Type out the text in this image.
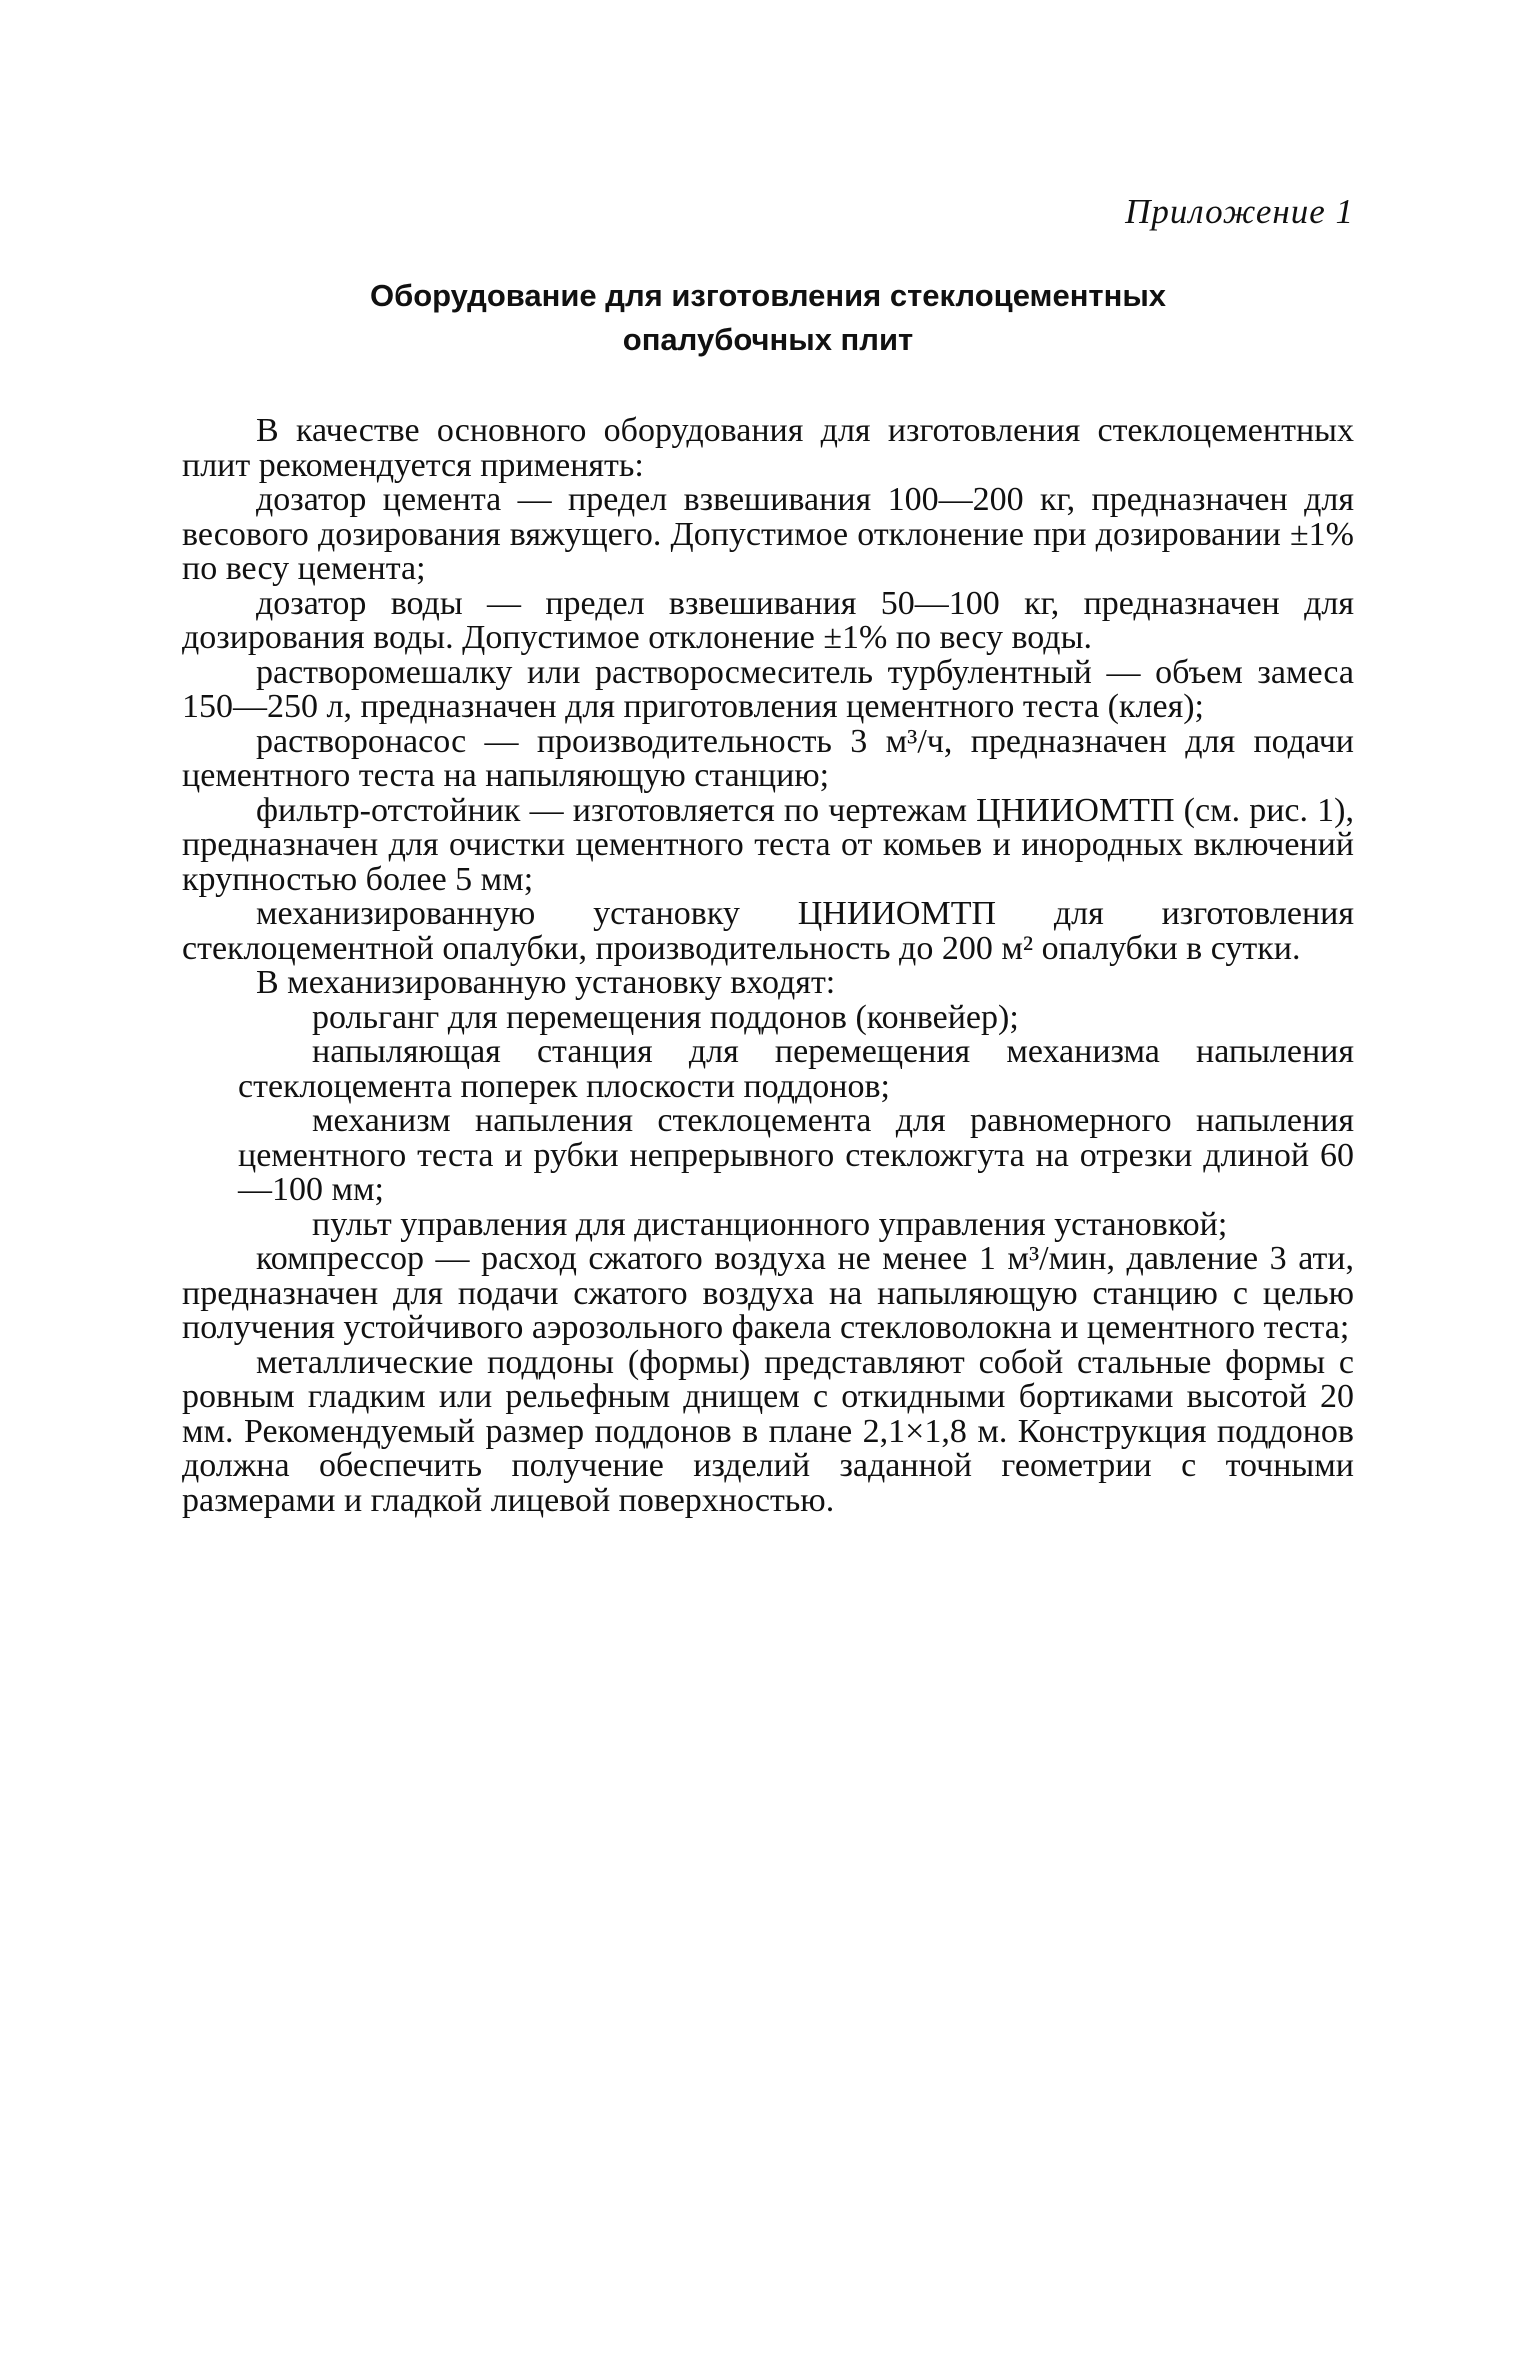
Приложение 1
Оборудование для изготовления стеклоцементных
опалубочных плит

В качестве основного оборудования для изготовления стеклоцементных плит рекомендуется применять:

дозатор цемента — предел взвешивания 100—200 кг, предназначен для весового дозирования вяжущего. Допустимое отклонение при дозировании ±1% по весу цемента;

дозатор воды — предел взвешивания 50—100 кг, предназначен для дозирования воды. Допустимое отклонение ±1% по весу воды.

растворомешалку или растворосмеситель турбулентный — объем замеса 150—250 л, предназначен для приготовления цементного теста (клея);

растворонасос — производительность 3 м³/ч, предназначен для подачи цементного теста на напыляющую станцию;

фильтр-отстойник — изготовляется по чертежам ЦНИИОМТП (см. рис. 1), предназначен для очистки цементного теста от комьев и инородных включений крупностью более 5 мм;

механизированную установку ЦНИИОМТП для изготовления стеклоцементной опалубки, производительность до 200 м² опалубки в сутки.

В механизированную установку входят:

рольганг для перемещения поддонов (конвейер);

напыляющая станция для перемещения механизма напыления стеклоцемента поперек плоскости поддонов;

механизм напыления стеклоцемента для равномерного напыления цементного теста и рубки непрерывного стекложгута на отрезки длиной 60—100 мм;

пульт управления для дистанционного управления установкой;

компрессор — расход сжатого воздуха не менее 1 м³/мин, давление 3 ати, предназначен для подачи сжатого воздуха на напыляющую станцию с целью получения устойчивого аэрозольного факела стекловолокна и цементного теста;

металлические поддоны (формы) представляют собой стальные формы с ровным гладким или рельефным днищем с откидными бортиками высотой 20 мм. Рекомендуемый размер поддонов в плане 2,1×1,8 м. Конструкция поддонов должна обеспечить получение изделий заданной геометрии с точными размерами и гладкой лицевой поверхностью.
